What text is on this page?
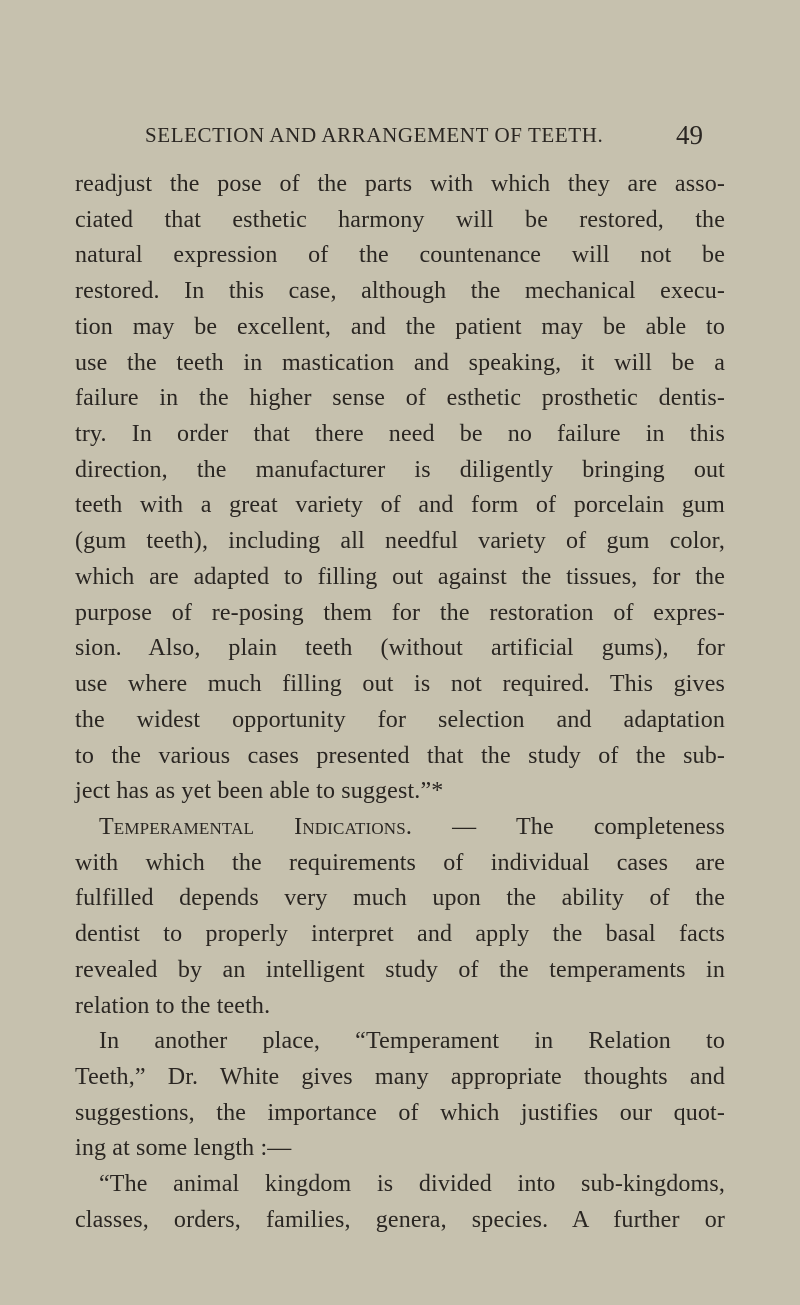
SELECTION AND ARRANGEMENT OF TEETH.	49
readjust the pose of the parts with which they are asso-
ciated that esthetic harmony will be restored, the
natural expression of the countenance will not be
restored. In this case, although the mechanical execu-
tion may be excellent, and the patient may be able to
use the teeth in mastication and speaking, it will be a
failure in the higher sense of esthetic prosthetic dentis-
try. In order that there need be no failure in this
direction, the manufacturer is diligently bringing out
teeth with a great variety of and form of porcelain gum
(gum teeth), including all needful variety of gum color,
which are adapted to filling out against the tissues, for the
purpose of re-posing them for the restoration of expres-
sion. Also, plain teeth (without artificial gums), for
use where much filling out is not required. This gives
the widest opportunity for selection and adaptation
to the various cases presented that the study of the sub-
ject has as yet been able to suggest.”*
Temperamental Indications. — The completeness
with which the requirements of individual cases are
fulfilled depends very much upon the ability of the
dentist to properly interpret and apply the basal facts
revealed by an intelligent study of the temperaments in
relation to the teeth.
In another place, “Temperament in Relation to
Teeth,” Dr. White gives many appropriate thoughts and
suggestions, the importance of which justifies our quot-
ing at some length :—
“The animal kingdom is divided into sub-kingdoms,
classes, orders, families, genera, species. A further or
